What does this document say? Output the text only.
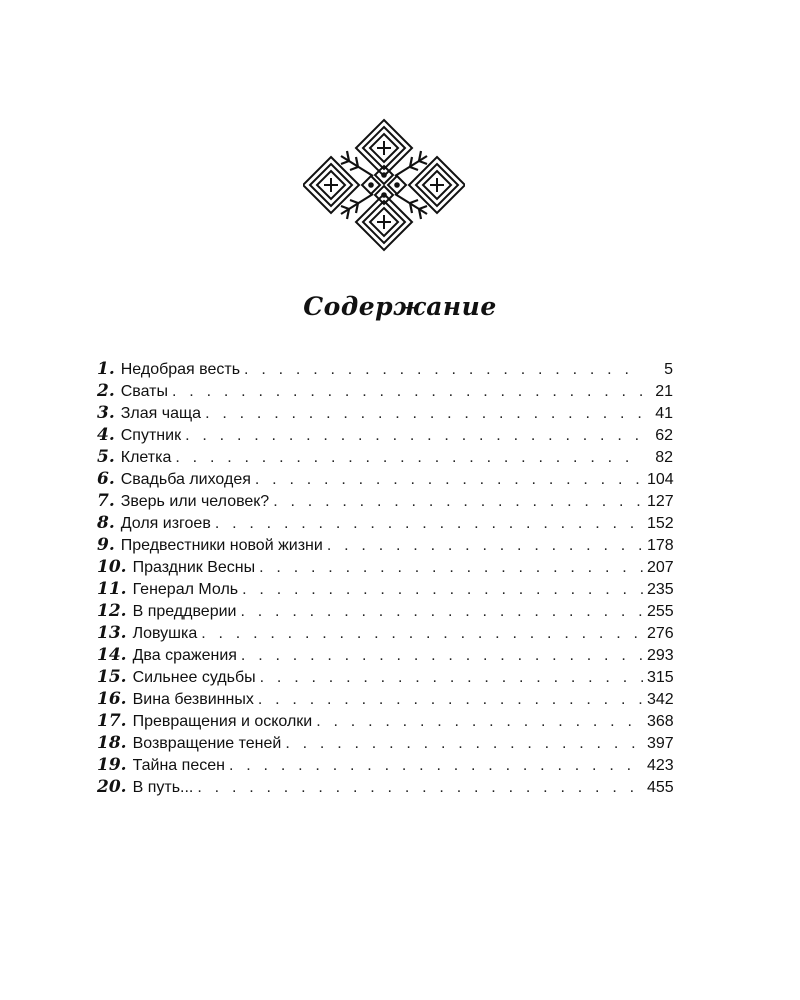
Содержание
1. Недобрая весть . . .	5
2. Сваты . . .	21
3. Злая чаща . . .	41
4. Спутник . . .	62
5. Клетка . . .	82
6. Свадьба лиходея . . .	104
7. Зверь или человек? . . .	127
8. Доля изгоев . . .	152
9. Предвестники новой жизни . . .	178
10. Праздник Весны . . .	207
11. Генерал Моль . . .	235
12. В преддверии . . .	255
13. Ловушка . . .	276
14. Два сражения . . .	293
15. Сильнее судьбы . . .	315
16. Вина безвинных . . .	342
17. Превращения и осколки . . .	368
18. Возвращение теней . . .	397
19. Тайна песен . . .	423
20. В путь... . . .	455
